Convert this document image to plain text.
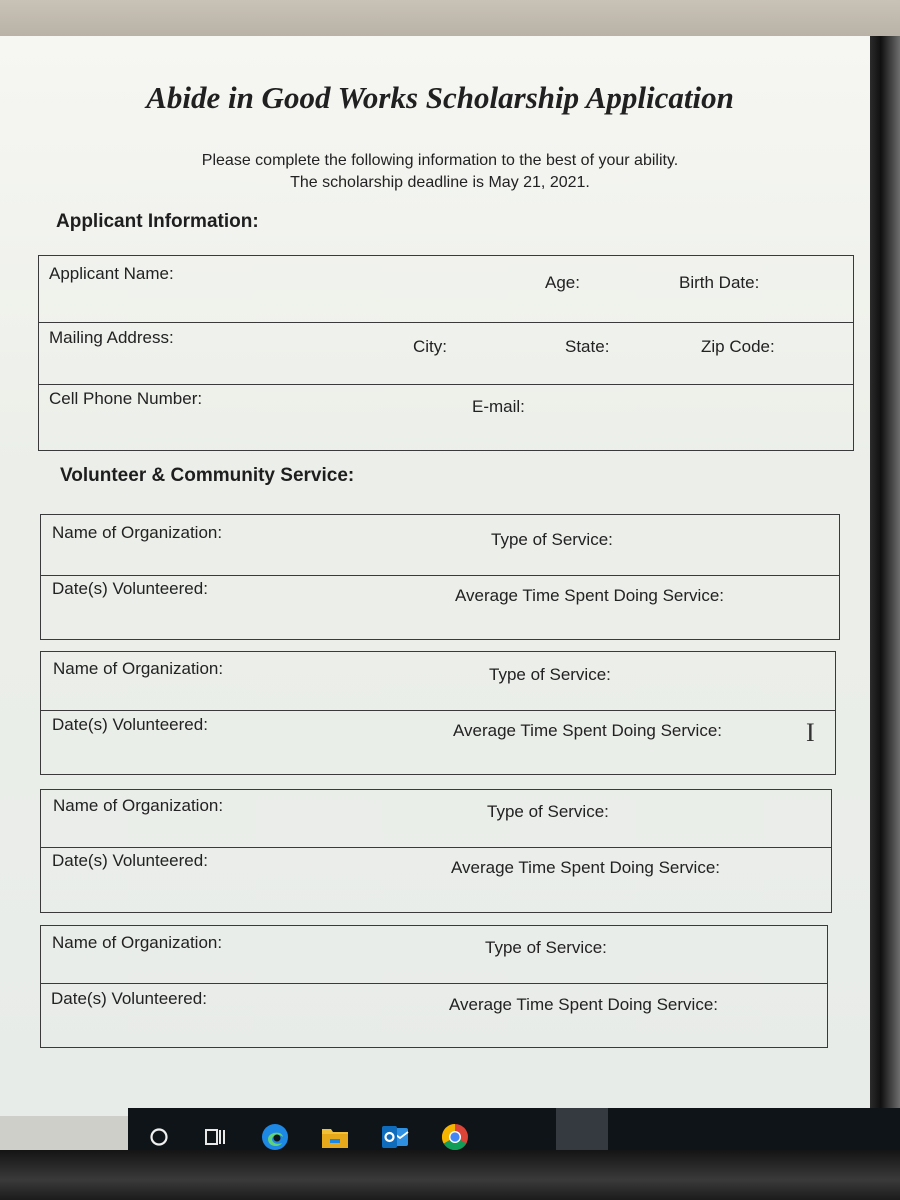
Abide in Good Works Scholarship Application
Please complete the following information to the best of your ability.
The scholarship deadline is May 21, 2021.
Applicant Information:
Applicant Name:	Age:	Birth Date:
Mailing Address:	City:	State:	Zip Code:
Cell Phone Number:	E-mail:
Volunteer & Community Service:
Name of Organization:	Type of Service:
Date(s) Volunteered:	Average Time Spent Doing Service:
Name of Organization:	Type of Service:
Date(s) Volunteered:	Average Time Spent Doing Service:
Name of Organization:	Type of Service:
Date(s) Volunteered:	Average Time Spent Doing Service:
Name of Organization:	Type of Service:
Date(s) Volunteered:	Average Time Spent Doing Service:
I
